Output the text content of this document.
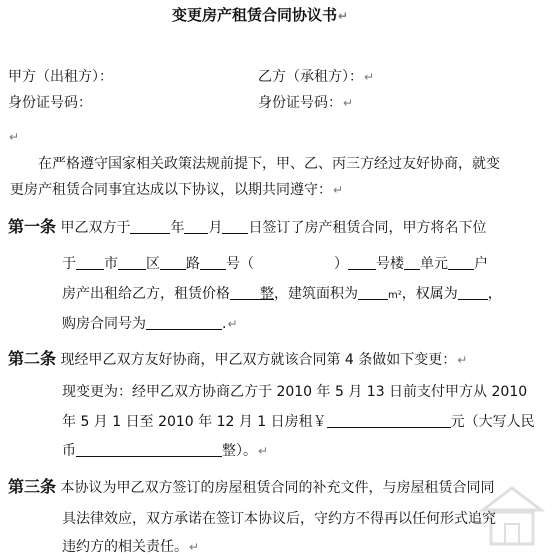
变更房产租赁合同协议书↵
甲方（出租方）：	乙方（承租方）：↵
身份证号码：	身份证号码：↵
↵
在严格遵守国家相关政策法规前提下，甲、乙、丙三方经过友好协商，就变
更房产租赁合同事宜达成以下协议，以期共同遵守：↵
第一条 甲乙双方于	年 月 日签订了房产租赁合同，甲方将名下位
于 市 区 路 号（	） 号楼 单元 户
房产出租给乙方，租赁价格 整，建筑面积为	m²，权属为 ，
购房合同号为	.↵
第二条 现经甲乙双方友好协商，甲乙双方就该合同第 4 条做如下变更：↵
现变更为：经甲乙双方协商乙方于 2010 年 5 月 13 日前支付甲方从 2010
年 5 月 1 日至 2010 年 12 月 1 日房租￥	元（大写人民
币	整）。↵
第三条 本协议为甲乙双方签订的房屋租赁合同的补充文件，与房屋租赁合同同
具法律效应，双方承诺在签订本协议后，守约方不得再以任何形式追究
违约方的相关责任。↵
